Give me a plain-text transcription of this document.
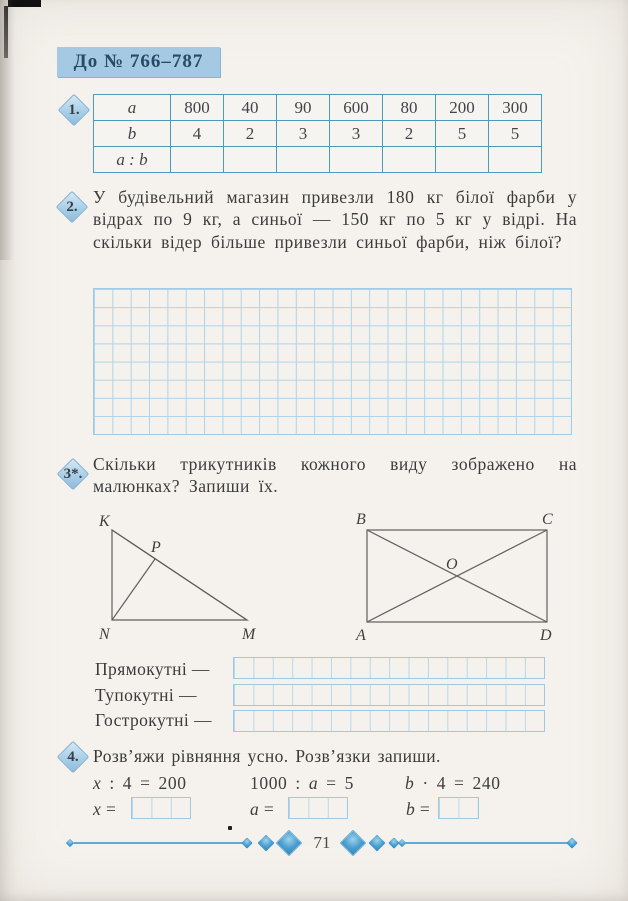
До № 766–787
1.
2.
3*.
4.
a	800	40	90	600	80	200	300
b	4	2	3	3	2	5	5
a : b							
У будівельний магазин привезли 180 кг білої фарби у відрах по 9 кг, а синьої — 150 кг по 5 кг у відрі. На скільки відер більше привезли синьої фарби, ніж білої?
Скільки трикутників кожного виду зображено на малюнках? Запиши їх.
K
P
N	M
B	C
O
A	D
Прямокутні —
Тупокутні —
Гострокутні —
Розв’яжи рівняння усно. Розв’язки запиши.
x : 4 = 200	1000 : a = 5	b · 4 = 240
x =	a =	b =
71
